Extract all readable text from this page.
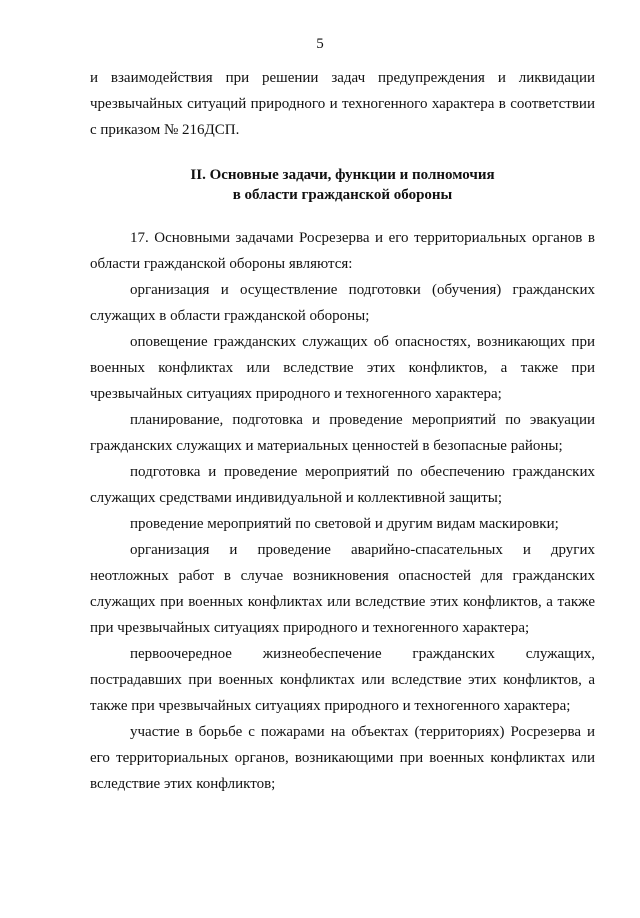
5

и взаимодействия при решении задач предупреждения и ликвидации чрезвычайных ситуаций природного и техногенного характера в соответствии с приказом № 216ДСП.

II. Основные задачи, функции и полномочия
в области гражданской обороны

17. Основными задачами Росрезерва и его территориальных органов в области гражданской обороны являются:

организация и осуществление подготовки (обучения) гражданских служащих в области гражданской обороны;

оповещение гражданских служащих об опасностях, возникающих при военных конфликтах или вследствие этих конфликтов, а также при чрезвычайных ситуациях природного и техногенного характера;

планирование, подготовка и проведение мероприятий по эвакуации гражданских служащих и материальных ценностей в безопасные районы;

подготовка и проведение мероприятий по обеспечению гражданских служащих средствами индивидуальной и коллективной защиты;

проведение мероприятий по световой и другим видам маскировки;

организация и проведение аварийно-спасательных и других неотложных работ в случае возникновения опасностей для гражданских служащих при военных конфликтах или вследствие этих конфликтов, а также при чрезвычайных ситуациях природного и техногенного характера;

первоочередное жизнеобеспечение гражданских служащих, пострадавших при военных конфликтах или вследствие этих конфликтов, а также при чрезвычайных ситуациях природного и техногенного характера;

участие в борьбе с пожарами на объектах (территориях) Росрезерва и его территориальных органов, возникающими при военных конфликтах или вследствие этих конфликтов;
